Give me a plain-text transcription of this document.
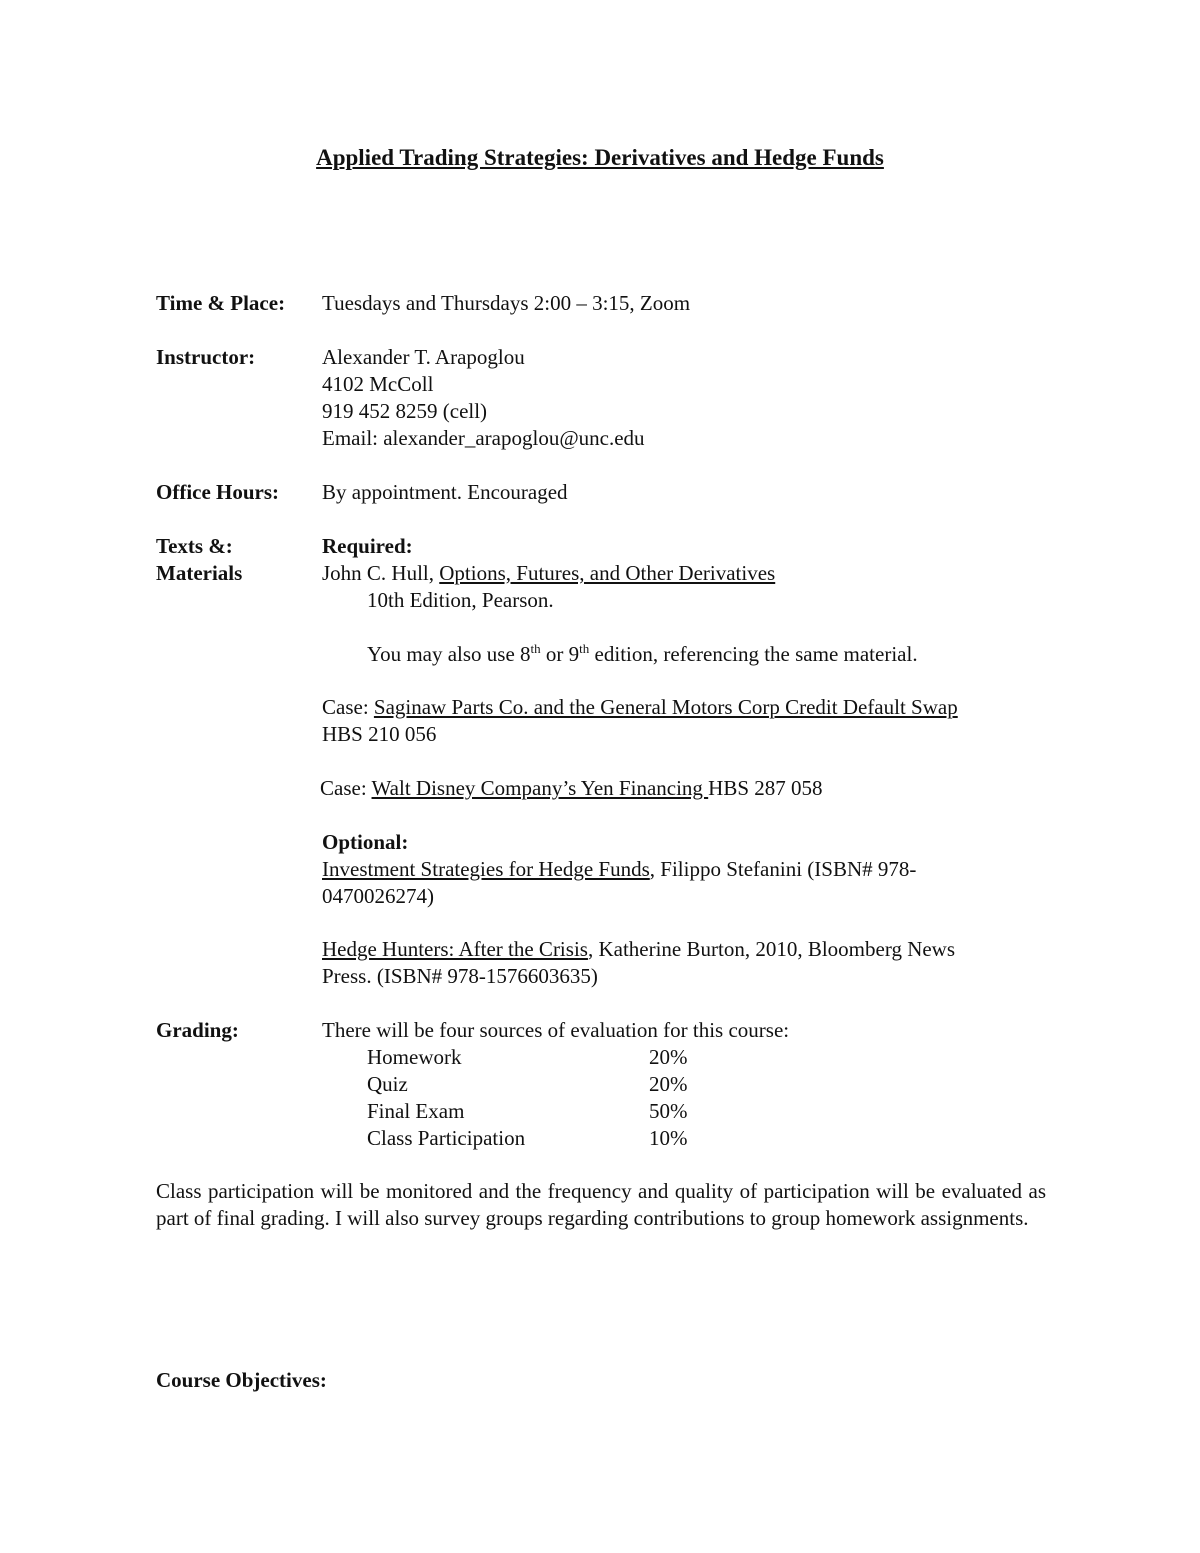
Applied Trading Strategies: Derivatives and Hedge Funds
Time & Place: Tuesdays and Thursdays 2:00 – 3:15, Zoom
Instructor:	Alexander T. Arapoglou
4102 McColl
919 452 8259 (cell)
Email: alexander_arapoglou@unc.edu
Office Hours: By appointment. Encouraged
Texts &:
Materials
Required:
John C. Hull, Options, Futures, and Other Derivatives
10th Edition, Pearson.
You may also use 8th or 9th edition, referencing the same material.
Case: Saginaw Parts Co. and the General Motors Corp Credit Default Swap
HBS 210 056
Case: Walt Disney Company’s Yen Financing HBS 287 058
Optional:
Investment Strategies for Hedge Funds, Filippo Stefanini (ISBN# 978-
0470026274)
Hedge Hunters: After the Crisis, Katherine Burton, 2010, Bloomberg News
Press. (ISBN# 978-1576603635)
Grading:	There will be four sources of evaluation for this course:
Homework	20%
Quiz	20%
Final Exam	50%
Class Participation	10%
Class participation will be monitored and the frequency and quality of participation will be evaluated as part of final grading. I will also survey groups regarding contributions to group homework assignments.
Course Objectives:
